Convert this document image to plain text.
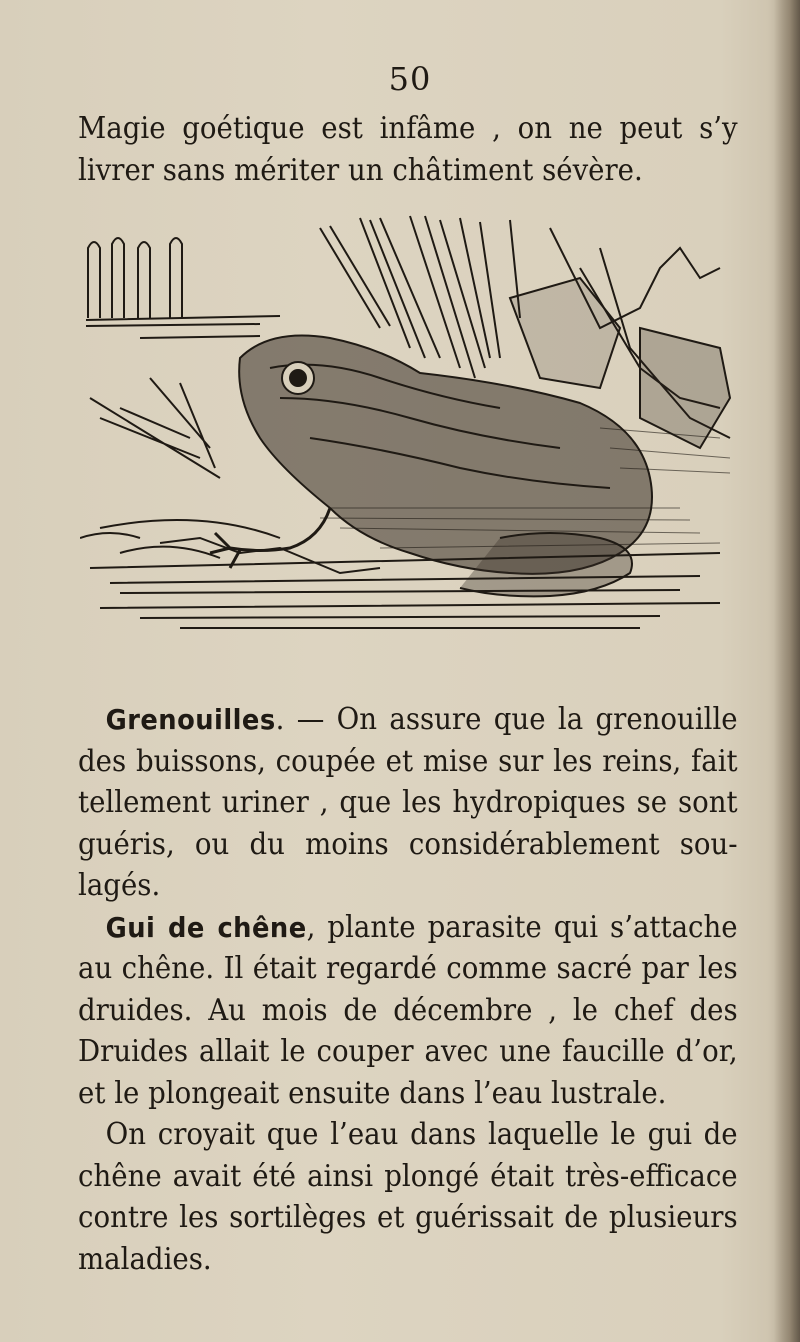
50

Magie goétique est infâme , on ne peut s’y livrer sans mériter un châtiment sévère.

Grenouilles. — On assure que la grenouille des buissons, coupée et mise sur les reins, fait tellement uriner , que les hydropiques se sont guéris, ou du moins considérablement sou-lagés.

Gui de chêne, plante parasite qui s’attache au chêne. Il était regardé comme sacré par les druides. Au mois de décembre , le chef des Druides allait le couper avec une faucille d’or, et le plongeait ensuite dans l’eau lustrale.

On croyait que l’eau dans laquelle le gui de chêne avait été ainsi plongé était très-efficace contre les sortilèges et guérissait de plusieurs maladies.
